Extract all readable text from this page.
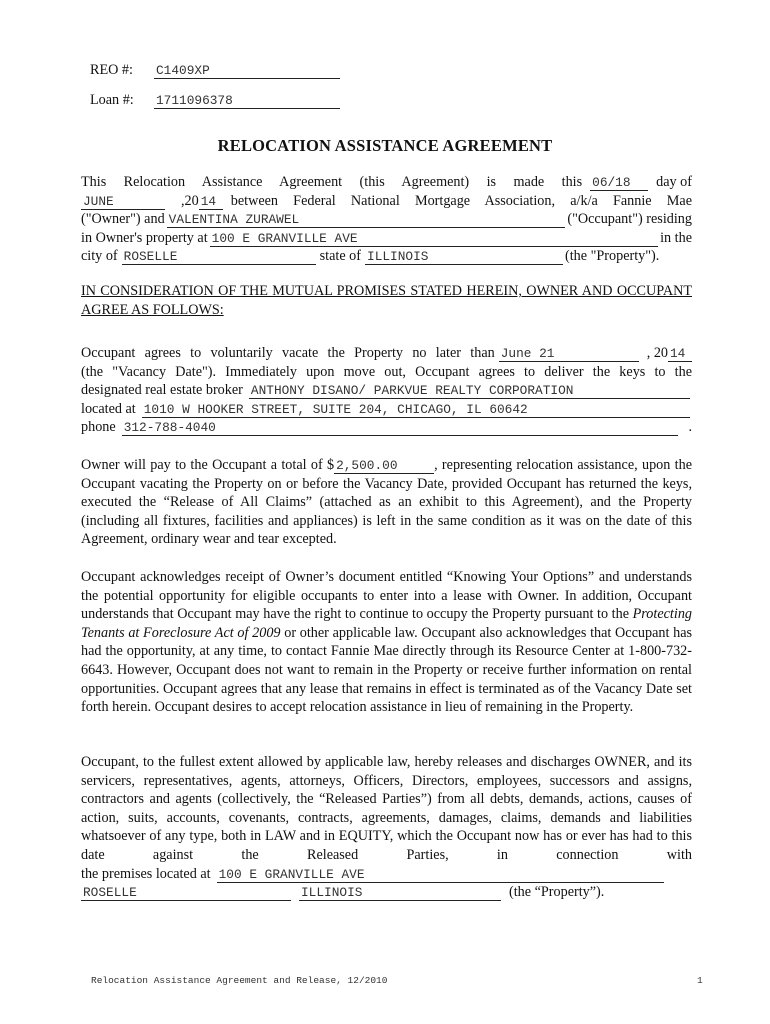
REO #: C1409XP
Loan #: 1711096378
RELOCATION ASSISTANCE AGREEMENT
This Relocation Assistance Agreement (this Agreement) is made this 06/18	day of
JUNE	,20 14	between Federal National Mortgage Association, a/k/a Fannie Mae
("Owner") and VALENTINA ZURAWEL	("Occupant") residing
in Owner's property at 100 E GRANVILLE AVE	in the
city of ROSELLE	state of ILLINOIS	(the "Property").
IN CONSIDERATION OF THE MUTUAL PROMISES STATED HEREIN, OWNER AND OCCUPANT AGREE AS FOLLOWS:
Occupant agrees to voluntarily vacate the Property no later than June 21	, 20 14

(the "Vacancy Date"). Immediately upon move out, Occupant agrees to deliver the keys to the

designated real estate broker ANTHONY DISANO/ PARKVUE REALTY CORPORATION
located at 1010 W HOOKER STREET, SUITE 204, CHICAGO, IL 60642
phone 312-788-4040	.

Owner will pay to the Occupant a total of $ 2,500.00	, representing relocation assistance, upon the Occupant vacating the Property on or before the Vacancy Date, provided Occupant has returned the keys, executed the “Release of All Claims” (attached as an exhibit to this Agreement), and the Property (including all fixtures, facilities and appliances) is left in the same condition as it was on the date of this Agreement, ordinary wear and tear excepted.

Occupant acknowledges receipt of Owner’s document entitled “Knowing Your Options” and understands the potential opportunity for eligible occupants to enter into a lease with Owner. In addition, Occupant understands that Occupant may have the right to continue to occupy the Property pursuant to the Protecting Tenants at Foreclosure Act of 2009 or other applicable law. Occupant also acknowledges that Occupant has had the opportunity, at any time, to contact Fannie Mae directly through its Resource Center at 1-800-732-6643. However, Occupant does not want to remain in the Property or receive further information on rental opportunities. Occupant agrees that any lease that remains in effect is terminated as of the Vacancy Date set forth herein. Occupant desires to accept relocation assistance in lieu of remaining in the Property.

Occupant, to the fullest extent allowed by applicable law, hereby releases and discharges OWNER, and its servicers, representatives, agents, attorneys, Officers, Directors, employees, successors and assigns, contractors and agents (collectively, the “Released Parties”) from all debts, demands, actions, causes of action, suits, accounts, covenants, contracts, agreements, damages, claims, demands and liabilities whatsoever of any type, both in LAW and in EQUITY, which the Occupant now has or ever has had to this date against the Released Parties, in connection with

the premises located at 100 E GRANVILLE AVE
ROSELLE	ILLINOIS	(the “Property”).
Relocation Assistance Agreement and Release, 12/2010	1
